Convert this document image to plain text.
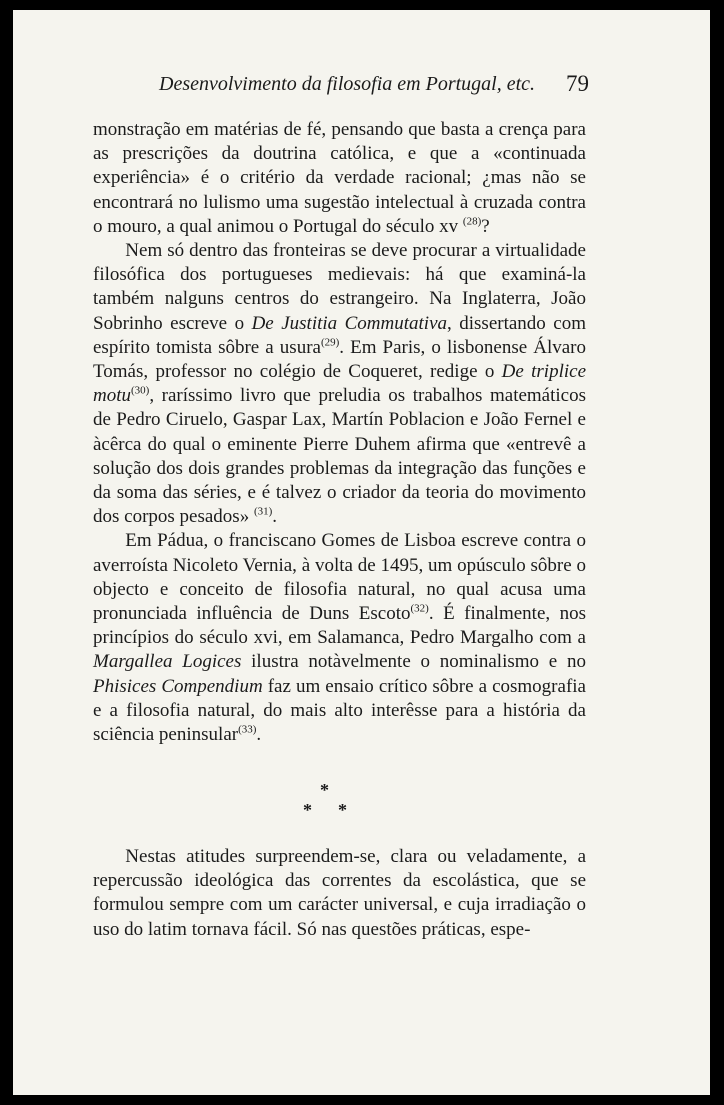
Desenvolvimento da filosofia em Portugal, etc. 79

monstração em matérias de fé, pensando que basta a crença para as prescrições da doutrina católica, e que a «continuada experiência» é o critério da verdade racional; ¿mas não se encontrará no lulismo uma sugestão intelectual à cruzada contra o mouro, a qual animou o Portugal do século xv $^{(28)}$?

Nem só dentro das fronteiras se deve procurar a virtualidade filosófica dos portugueses medievais: há que examiná-la também nalguns centros do estrangeiro. Na Inglaterra, João Sobrinho escreve o De Justitia Commutativa, dissertando com espírito tomista sôbre a usura$^{(29)}$. Em Paris, o lisbonense Álvaro Tomás, professor no colégio de Coqueret, redige o De triplice motu$^{(30)}$, raríssimo livro que preludia os trabalhos matemáticos de Pedro Ciruelo, Gaspar Lax, Martín Poblacion e João Fernel e àcêrca do qual o eminente Pierre Duhem afirma que «entrevê a solução dos dois grandes problemas da integração das funções e da soma das séries, e é talvez o criador da teoria do movimento dos corpos pesados» $^{(31)}$.

Em Pádua, o franciscano Gomes de Lisboa escreve contra o averroísta Nicoleto Vernia, à volta de 1495, um opúsculo sôbre o objecto e conceito de filosofia natural, no qual acusa uma pronunciada influência de Duns Escoto$^{(32)}$. É finalmente, nos princípios do século xvi, em Salamanca, Pedro Margalho com a Margallea Logices ilustra notàvelmente o nominalismo e no Phisices Compendium faz um ensaio crítico sôbre a cosmografia e a filosofia natural, do mais alto interêsse para a história da sciência peninsular$^{(33)}$.

*
* *

Nestas atitudes surpreendem-se, clara ou veladamente, a repercussão ideológica das correntes da escolástica, que se formulou sempre com um carácter universal, e cuja irradiação o uso do latim tornava fácil. Só nas questões práticas, espe-
